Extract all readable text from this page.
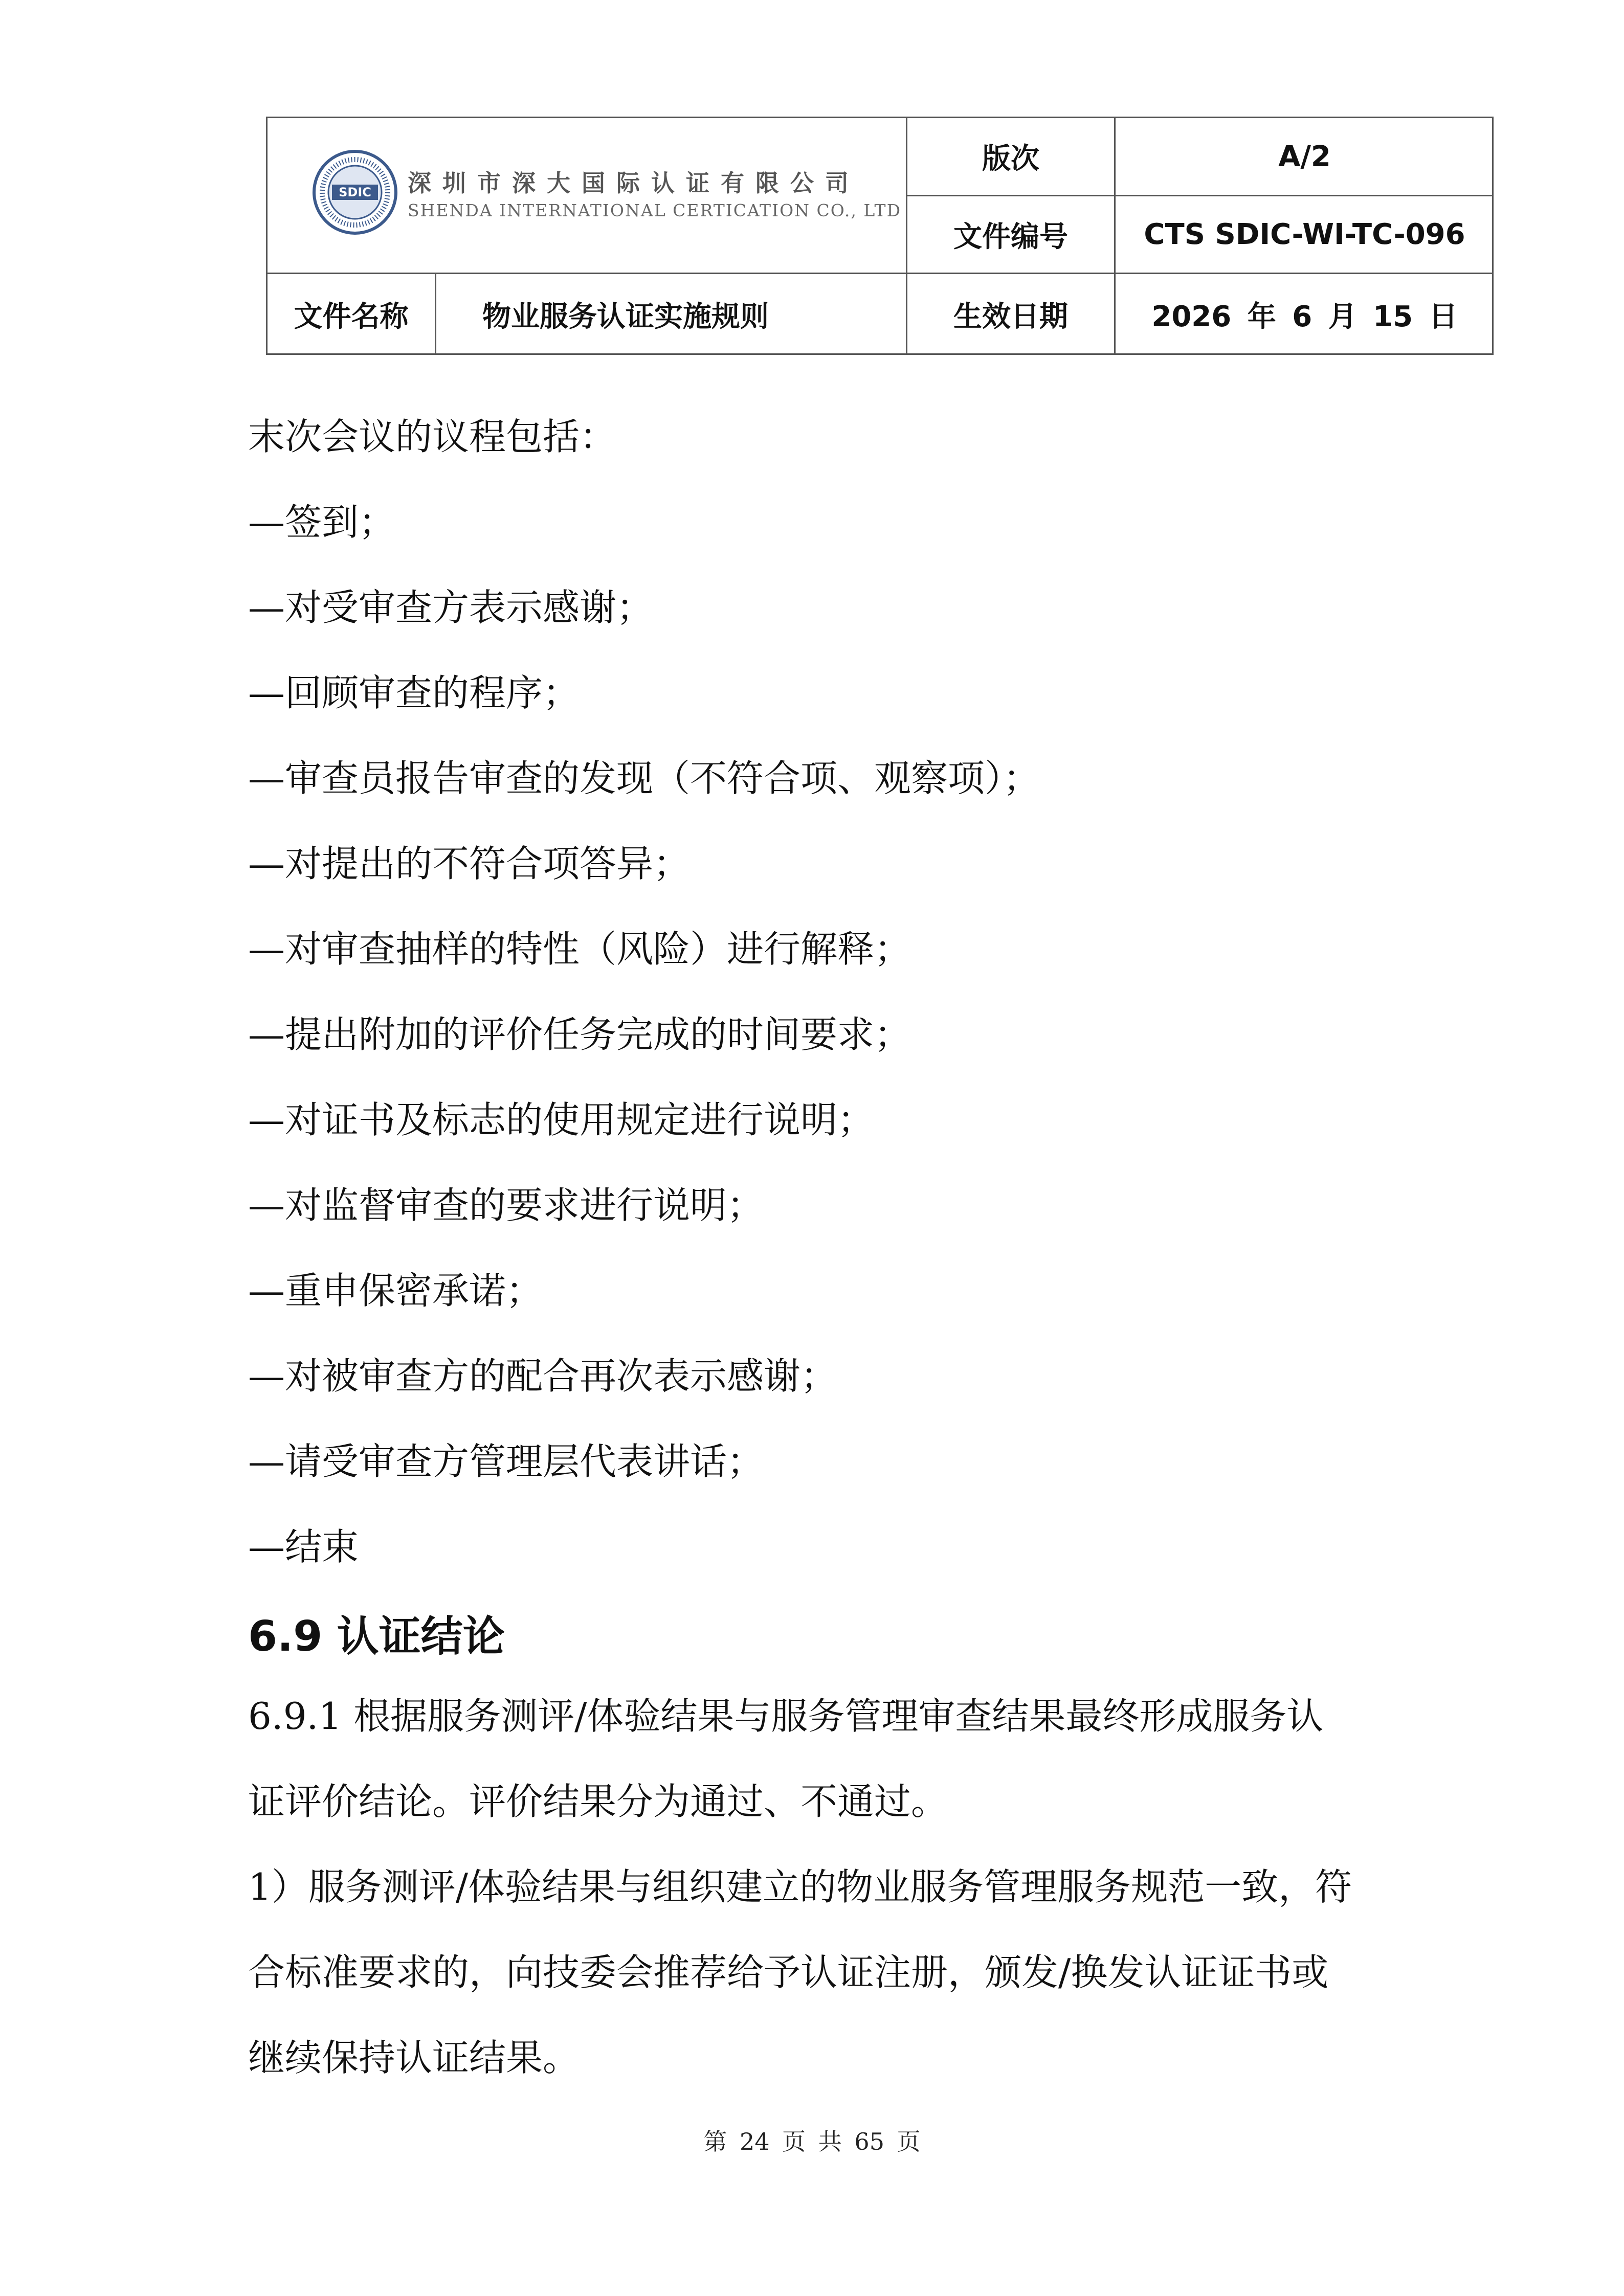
SDIC 深圳市深大国际认证有限公司
SHENDA INTERNATIONAL CERTICATION CO., LTD
版次	A/2
文件编号	CTS SDIC-WI-TC-096
文件名称	物业服务认证实施规则	生效日期	2026 年 6 月 15 日
末次会议的议程包括：
—签到；
—对受审查方表示感谢；
—回顾审查的程序；
—审查员报告审查的发现（不符合项、观察项）；
—对提出的不符合项答异；
—对审查抽样的特性（风险）进行解释；
—提出附加的评价任务完成的时间要求；
—对证书及标志的使用规定进行说明；
—对监督审查的要求进行说明；
—重申保密承诺；
—对被审查方的配合再次表示感谢；
—请受审查方管理层代表讲话；
—结束
6.9 认证结论
6.9.1 根据服务测评/体验结果与服务管理审查结果最终形成服务认
证评价结论。评价结果分为通过、不通过。
1）服务测评/体验结果与组织建立的物业服务管理服务规范一致，符
合标准要求的，向技委会推荐给予认证注册，颁发/换发认证证书或
继续保持认证结果。
第 24 页 共 65 页
